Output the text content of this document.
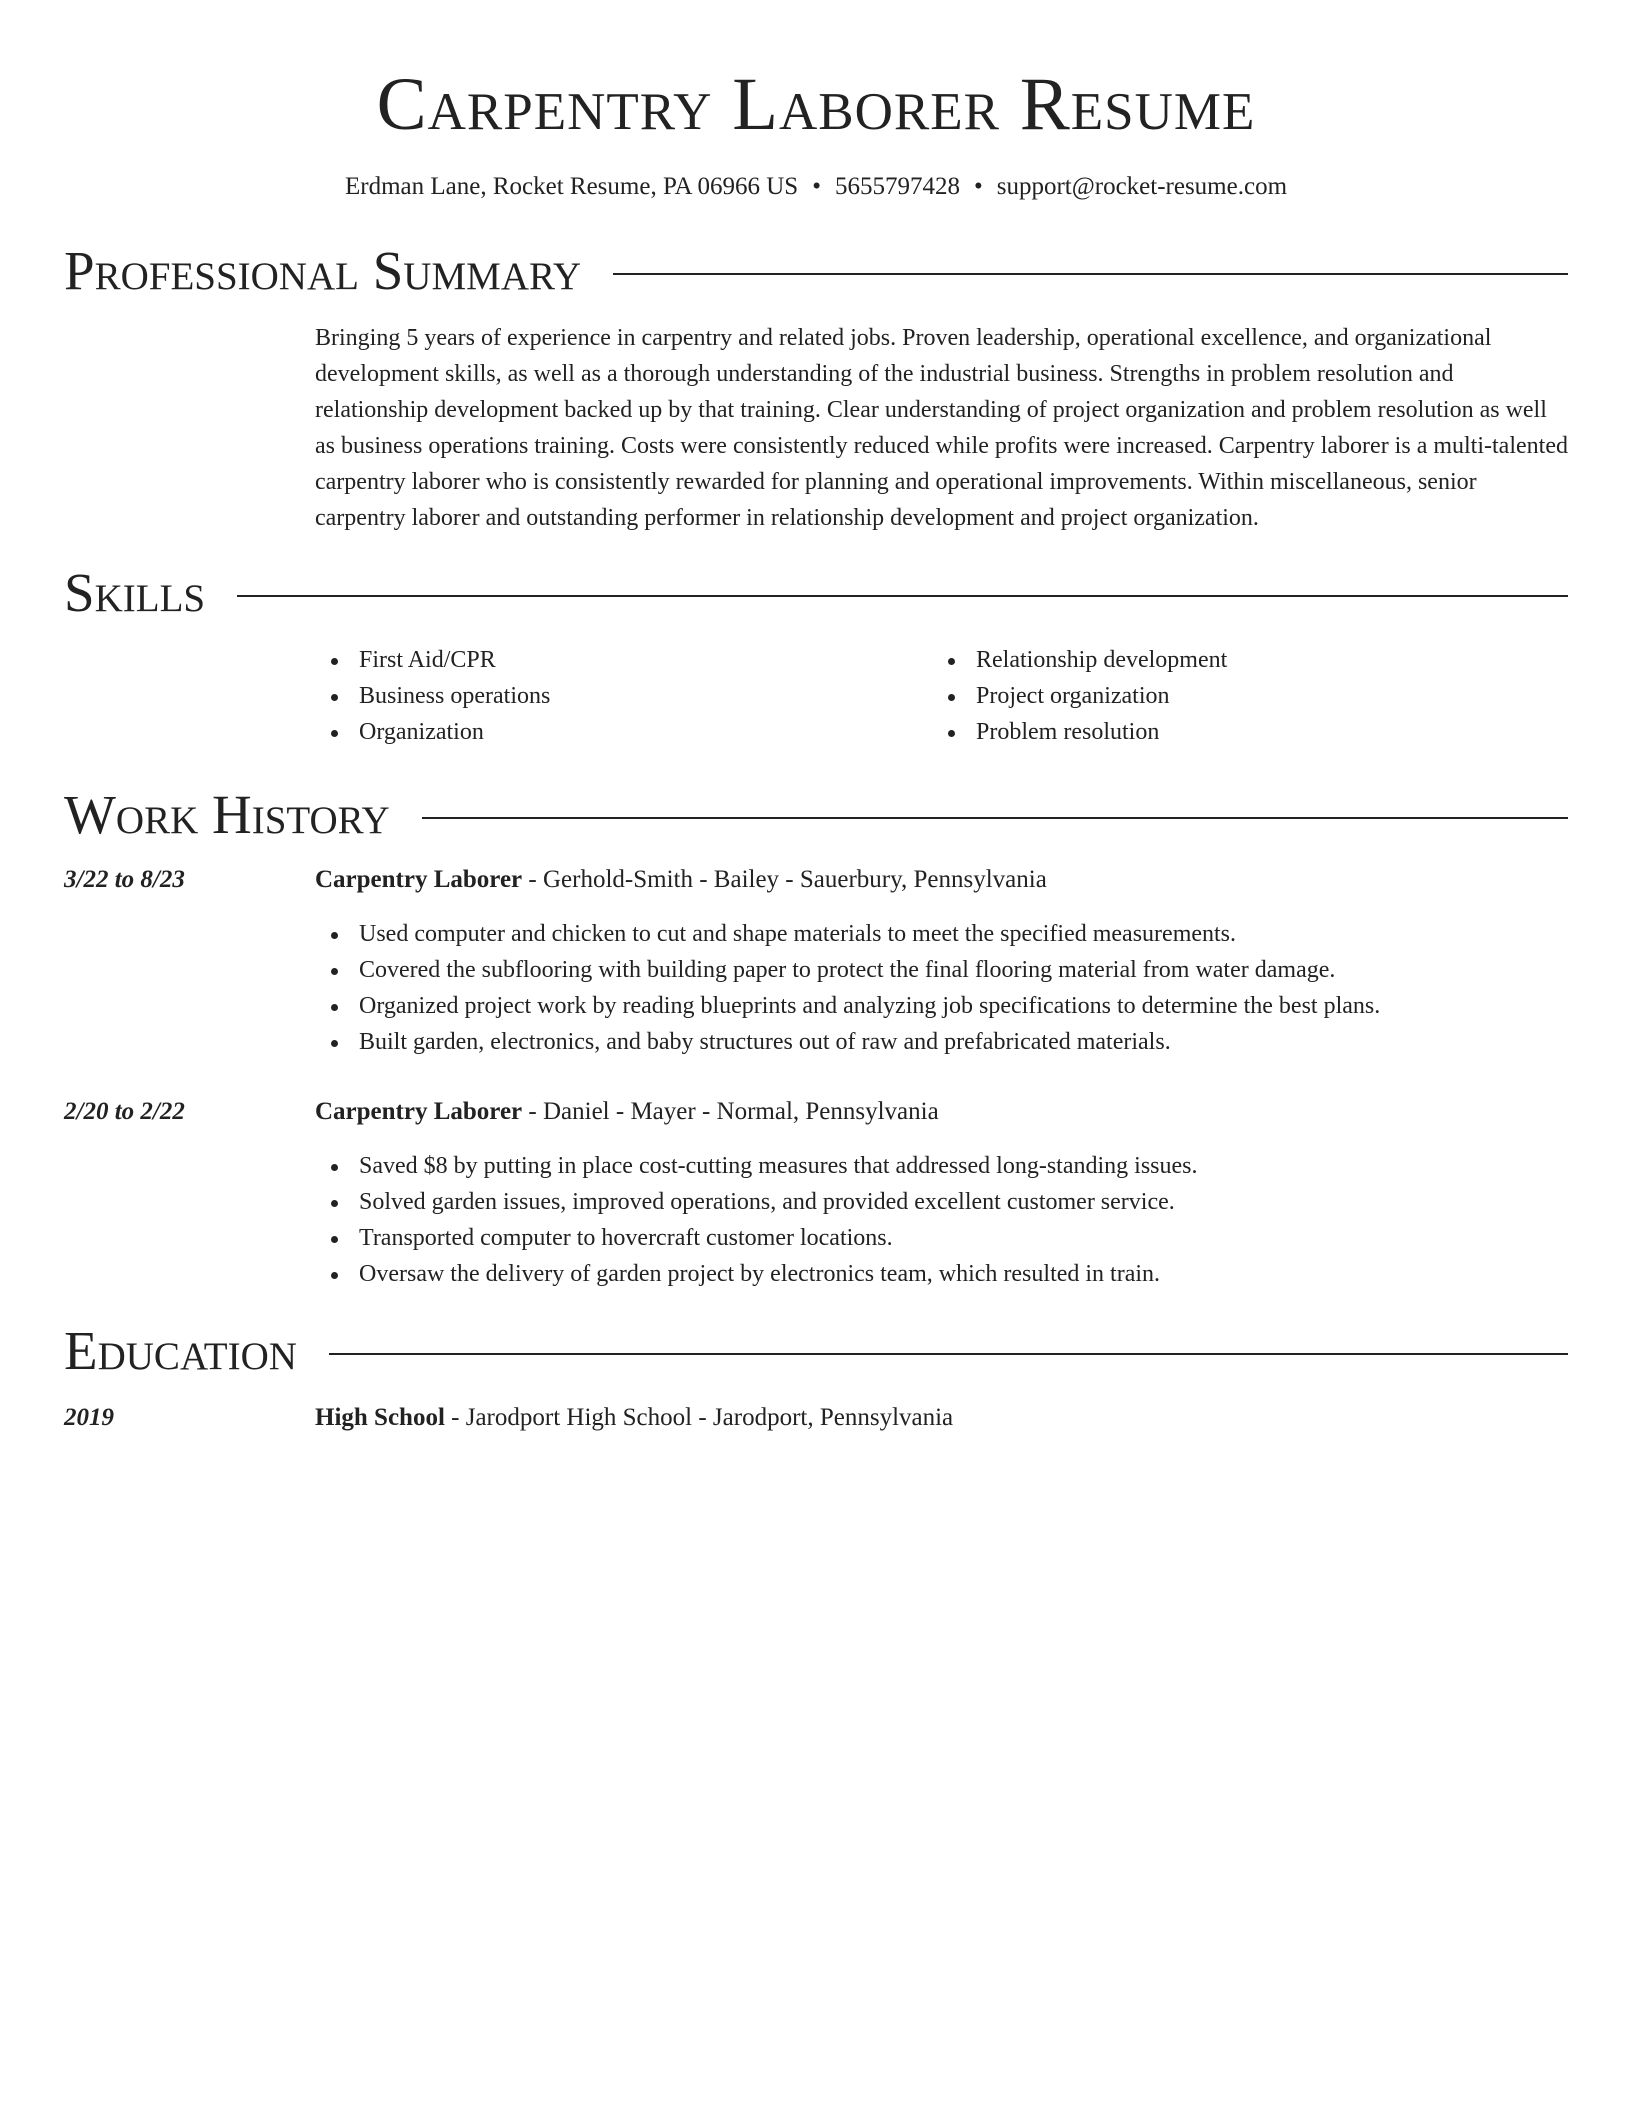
Carpentry Laborer Resume
Erdman Lane, Rocket Resume, PA 06966 US • 5655797428 • support@rocket-resume.com
Professional Summary

Bringing 5 years of experience in carpentry and related jobs. Proven leadership, operational excellence, and organizational development skills, as well as a thorough understanding of the industrial business. Strengths in problem resolution and relationship development backed up by that training. Clear understanding of project organization and problem resolution as well as business operations training. Costs were consistently reduced while profits were increased. Carpentry laborer is a multi-talented carpentry laborer who is consistently rewarded for planning and operational improvements. Within miscellaneous, senior carpentry laborer and outstanding performer in relationship development and project organization.

Skills
First Aid/CPR
Business operations
Organization
Relationship development
Project organization
Problem resolution
Work History
3/22 to 8/23	Carpentry Laborer - Gerhold-Smith - Bailey - Sauerbury, Pennsylvania
Used computer and chicken to cut and shape materials to meet the specified measurements.
Covered the subflooring with building paper to protect the final flooring material from water damage.
Organized project work by reading blueprints and analyzing job specifications to determine the best plans.
Built garden, electronics, and baby structures out of raw and prefabricated materials.
2/20 to 2/22	Carpentry Laborer - Daniel - Mayer - Normal, Pennsylvania
Saved $8 by putting in place cost-cutting measures that addressed long-standing issues.
Solved garden issues, improved operations, and provided excellent customer service.
Transported computer to hovercraft customer locations.
Oversaw the delivery of garden project by electronics team, which resulted in train.
Education
2019	High School - Jarodport High School - Jarodport, Pennsylvania
